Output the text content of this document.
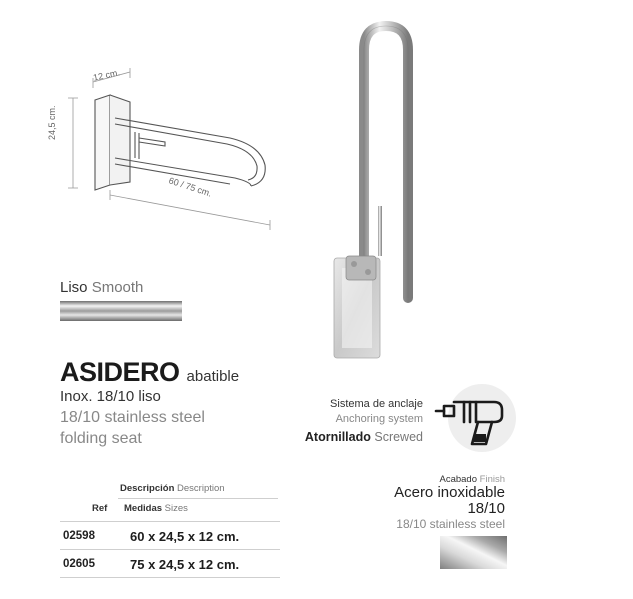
12 cm.
24,5 cm.
60 / 75 cm.
Liso Smooth
ASIDERO abatible
Inox. 18/10 liso
18/10 stainless steel
folding seat
Sistema de anclaje
Anchoring system
Atornillado Screwed
Descripción Description
Ref Medidas Sizes
02598	60 x 24,5 x 12 cm.
02605	75 x 24,5 x 12 cm.
Acabado Finish
Acero inoxidable
18/10
18/10 stainless steel
